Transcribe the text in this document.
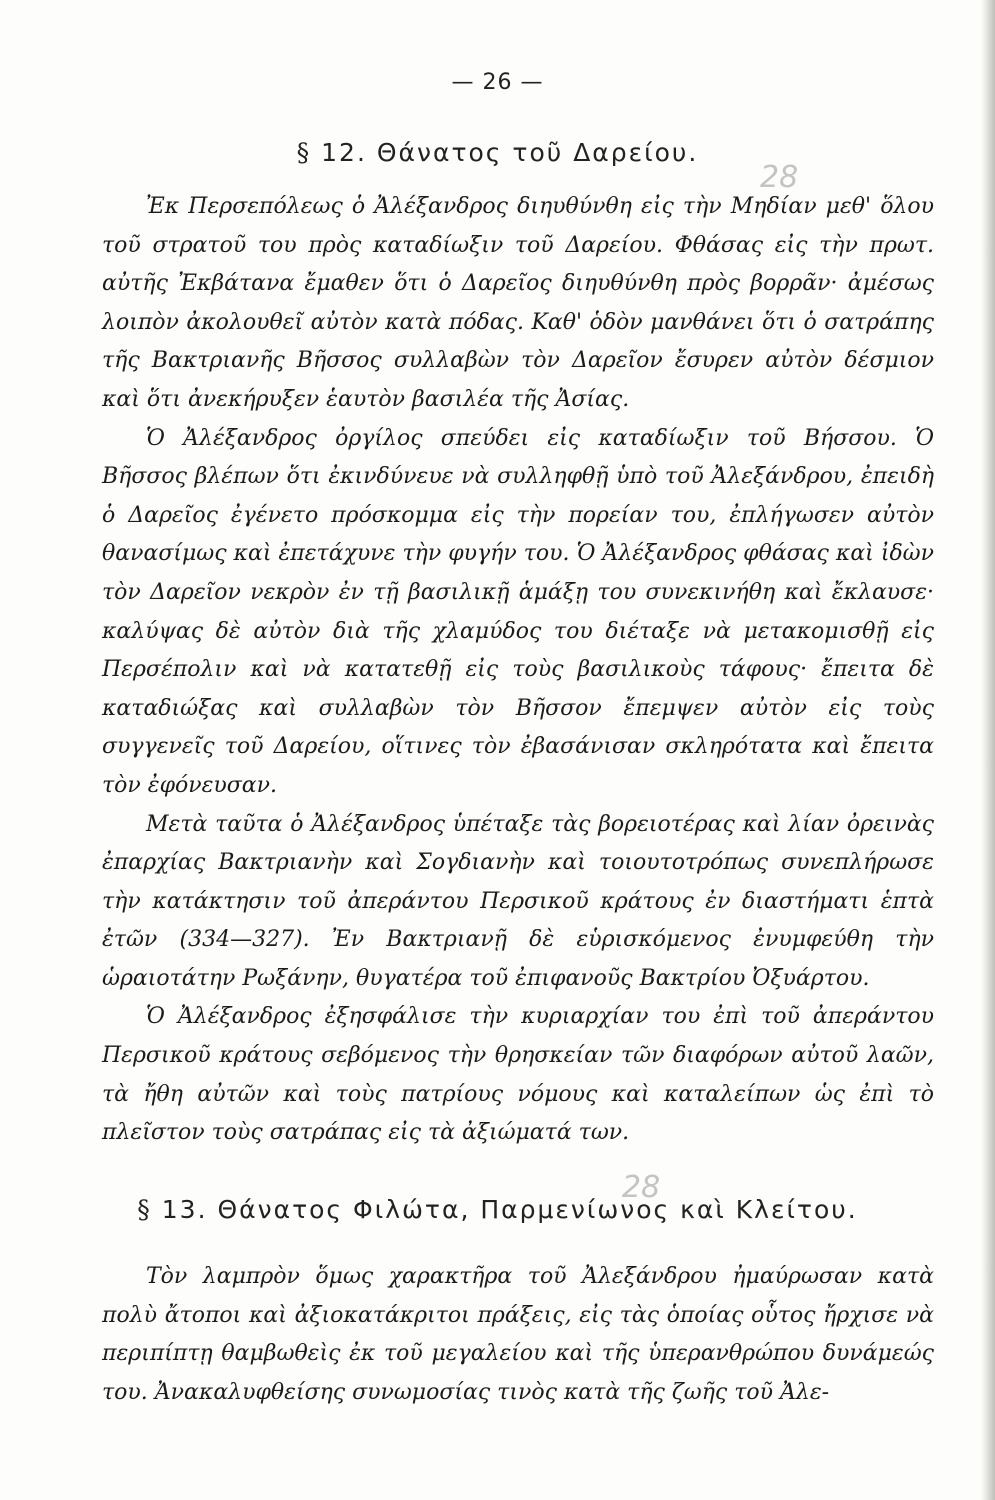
— 26 —
§ 12. Θάνατος τοῦ Δαρείου.
28

Ἐκ Περσεπόλεως ὁ Ἀλέξανδρος διηυθύνθη εἰς τὴν Μηδίαν μεθ' ὅλου τοῦ στρατοῦ του πρὸς καταδίωξιν τοῦ Δαρείου. Φθάσας εἰς τὴν πρωτ. αὐτῆς Ἐκβάτανα ἔμαθεν ὅτι ὁ Δαρεῖος διηυθύνθη πρὸς βορρᾶν· ἀμέσως λοιπὸν ἀκολουθεῖ αὐτὸν κατὰ πόδας. Καθ' ὁδὸν μανθάνει ὅτι ὁ σατράπης τῆς Βακτριανῆς Βῆσσος συλλαβὼν τὸν Δαρεῖον ἔσυρεν αὐτὸν δέσμιον καὶ ὅτι ἀνεκήρυξεν ἑαυτὸν βασιλέα τῆς Ἀσίας.

Ὁ Ἀλέξανδρος ὀργίλος σπεύδει εἰς καταδίωξιν τοῦ Βήσσου. Ὁ Βῆσσος βλέπων ὅτι ἐκινδύνευε νὰ συλληφθῇ ὑπὸ τοῦ Ἀλεξάνδρου, ἐπειδὴ ὁ Δαρεῖος ἐγένετο πρόσκομμα εἰς τὴν πορείαν του, ἐπλήγωσεν αὐτὸν θανασίμως καὶ ἐπετάχυνε τὴν φυγήν του. Ὁ Ἀλέξανδρος φθάσας καὶ ἰδὼν τὸν Δαρεῖον νεκρὸν ἐν τῇ βασιλικῇ ἁμάξῃ του συνεκινήθη καὶ ἔκλαυσε· καλύψας δὲ αὐτὸν διὰ τῆς χλαμύδος του διέταξε νὰ μετακομισθῇ εἰς Περσέπολιν καὶ νὰ κατατεθῇ εἰς τοὺς βασιλικοὺς τάφους· ἔπειτα δὲ καταδιώξας καὶ συλλαβὼν τὸν Βῆσσον ἔπεμψεν αὐτὸν εἰς τοὺς συγγενεῖς τοῦ Δαρείου, οἵτινες τὸν ἐβασάνισαν σκληρότατα καὶ ἔπειτα τὸν ἐφόνευσαν.

Μετὰ ταῦτα ὁ Ἀλέξανδρος ὑπέταξε τὰς βορειοτέρας καὶ λίαν ὀρεινὰς ἐπαρχίας Βακτριανὴν καὶ Σογδιανὴν καὶ τοιουτοτρόπως συνεπλήρωσε τὴν κατάκτησιν τοῦ ἀπεράντου Περσικοῦ κράτους ἐν διαστήματι ἑπτὰ ἐτῶν (334—327). Ἐν Βακτριανῇ δὲ εὑρισκόμενος ἐνυμφεύθη τὴν ὡραιοτάτην Ρωξάνην, θυγατέρα τοῦ ἐπιφανοῦς Βακτρίου Ὀξυάρτου.

Ὁ Ἀλέξανδρος ἐξησφάλισε τὴν κυριαρχίαν του ἐπὶ τοῦ ἀπεράντου Περσικοῦ κράτους σεβόμενος τὴν θρησκείαν τῶν διαφόρων αὐτοῦ λαῶν, τὰ ἤθη αὐτῶν καὶ τοὺς πατρίους νόμους καὶ καταλείπων ὡς ἐπὶ τὸ πλεῖστον τοὺς σατράπας εἰς τὰ ἀξιώματά των.

§ 13. Θάνατος Φιλώτα, Παρμενίωνος καὶ Κλείτου.
28

Τὸν λαμπρὸν ὅμως χαρακτῆρα τοῦ Ἀλεξάνδρου ἠμαύρωσαν κατὰ πολὺ ἄτοποι καὶ ἀξιοκατάκριτοι πράξεις, εἰς τὰς ὁποίας οὗτος ἤρχισε νὰ περιπίπτῃ θαμβωθεὶς ἐκ τοῦ μεγαλείου καὶ τῆς ὑπερανθρώπου δυνάμεώς του. Ἀνακαλυφθείσης συνωμοσίας τινὸς κατὰ τῆς ζωῆς τοῦ Ἀλε-
